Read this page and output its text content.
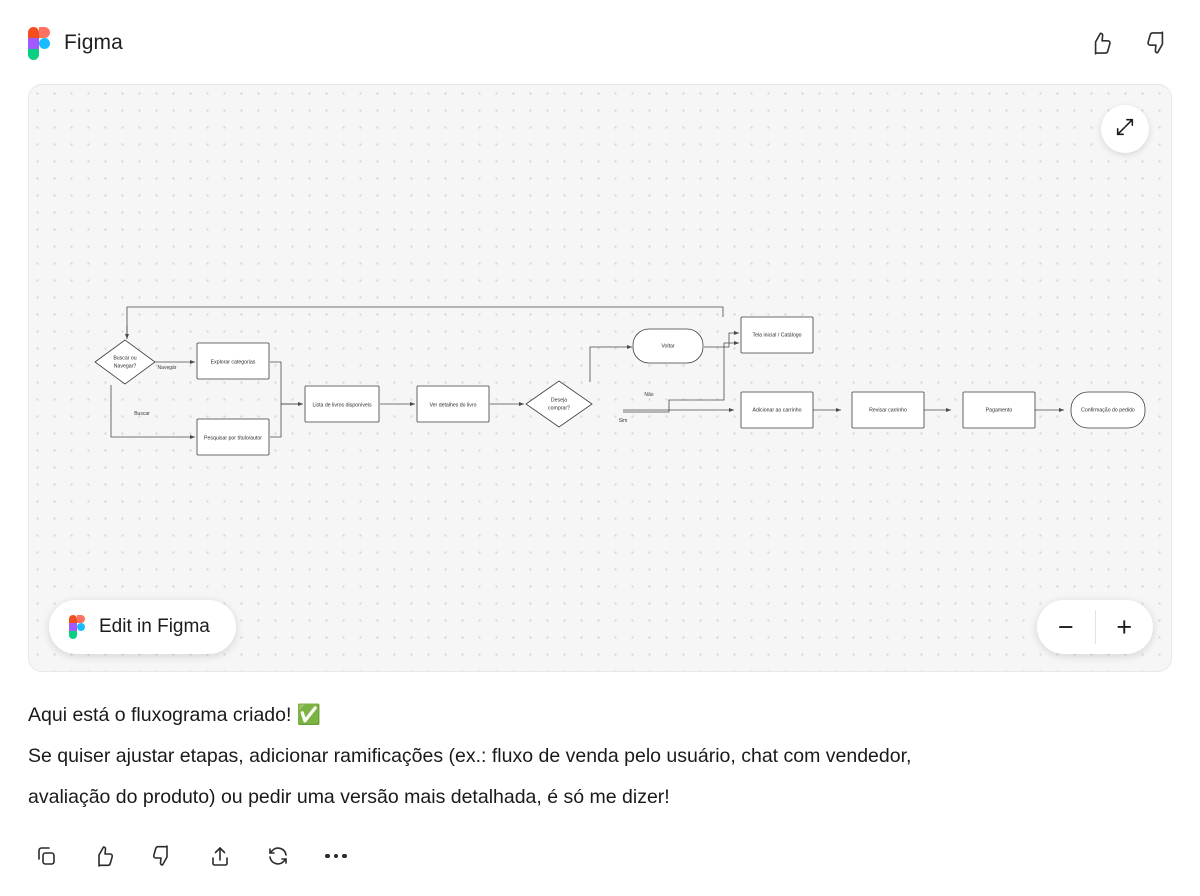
Figma
Buscar ou
Navegar?	Navegar
Buscar
Explorar categorias
Pesquisar por título/autor
Lista de livros disponíveis	Ver detalhes do livro
Deseja
comprar?
Não
Sim
Voltar
Tela inicial / Catálogo
Adicionar ao carrinho	Revisar carrinho	Pagamento	Confirmação do pedido
Edit in Figma	−	+

Aqui está o fluxograma criado! ✅

Se quiser ajustar etapas, adicionar ramificações (ex.: fluxo de venda pelo usuário, chat com vendedor,

avaliação do produto) ou pedir uma versão mais detalhada, é só me dizer!
